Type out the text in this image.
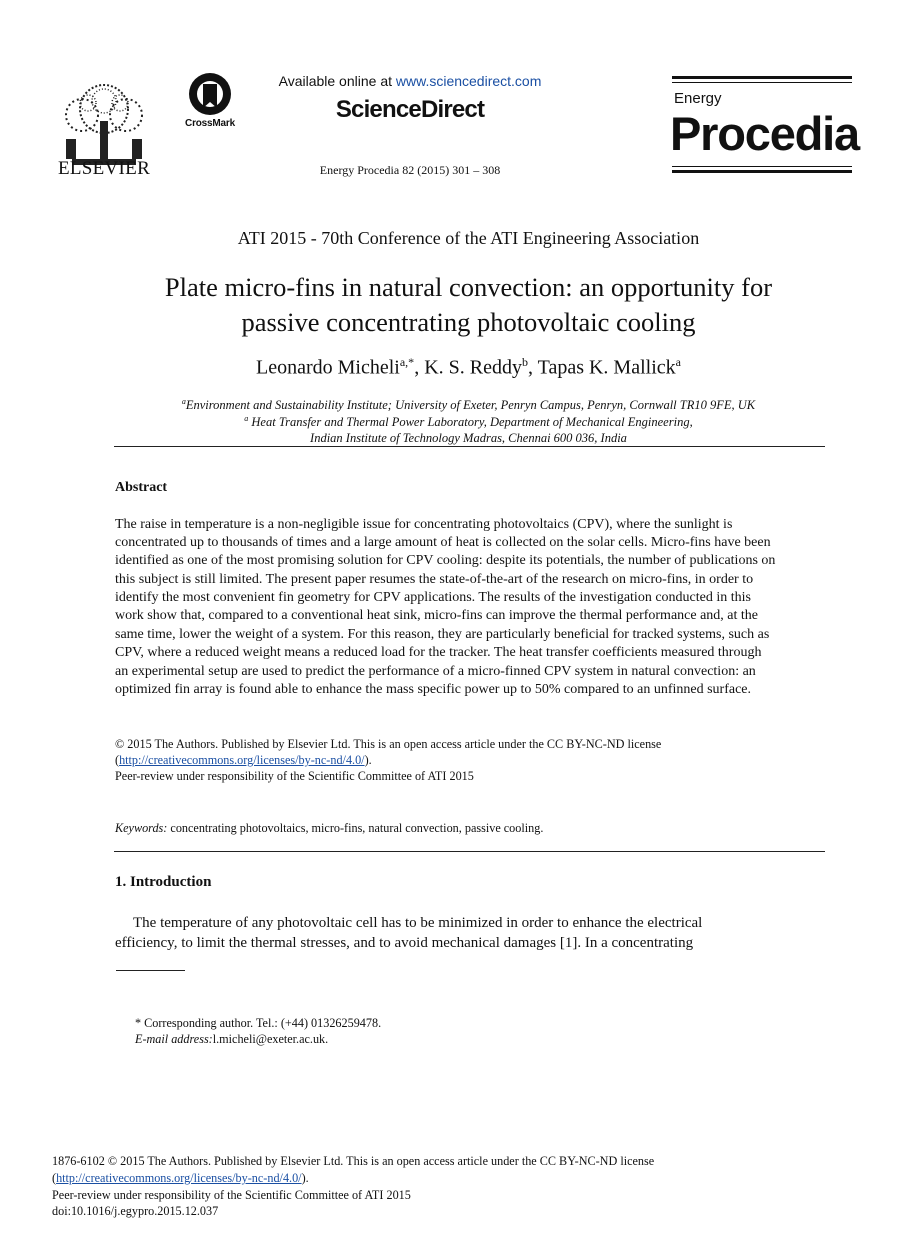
ELSEVIER
CrossMark
Available online at www.sciencedirect.com
ScienceDirect
Energy Procedia 82 (2015) 301 – 308
Energy
Procedia
ATI 2015 - 70th Conference of the ATI Engineering Association
Plate micro-fins in natural convection: an opportunity for
passive concentrating photovoltaic cooling
Leonardo Micheli$^{a,*}$, K. S. Reddy$^b$, Tapas K. Mallick$^a$
$^a$Environment and Sustainability Institute; University of Exeter, Penryn Campus, Penryn, Cornwall TR10 9FE, UK
$^a$ Heat Transfer and Thermal Power Laboratory, Department of Mechanical Engineering,
Indian Institute of Technology Madras, Chennai 600 036, India
Abstract
The raise in temperature is a non-negligible issue for concentrating photovoltaics (CPV), where the sunlight is
concentrated up to thousands of times and a large amount of heat is collected on the solar cells. Micro-fins have been
identified as one of the most promising solution for CPV cooling: despite its potentials, the number of publications on
this subject is still limited. The present paper resumes the state-of-the-art of the research on micro-fins, in order to
identify the most convenient fin geometry for CPV applications. The results of the investigation conducted in this
work show that, compared to a conventional heat sink, micro-fins can improve the thermal performance and, at the
same time, lower the weight of a system. For this reason, they are particularly beneficial for tracked systems, such as
CPV, where a reduced weight means a reduced load for the tracker. The heat transfer coefficients measured through
an experimental setup are used to predict the performance of a micro-finned CPV system in natural convection: an
optimized fin array is found able to enhance the mass specific power up to 50% compared to an unfinned surface.
© 2015 The Authors. Published by Elsevier Ltd. This is an open access article under the CC BY-NC-ND license
(http://creativecommons.org/licenses/by-nc-nd/4.0/).
Peer-review under responsibility of the Scientific Committee of ATI 2015
Keywords: concentrating photovoltaics, micro-fins, natural convection, passive cooling.
1. Introduction
The temperature of any photovoltaic cell has to be minimized in order to enhance the electrical
efficiency, to limit the thermal stresses, and to avoid mechanical damages [1]. In a concentrating
* Corresponding author. Tel.: (+44) 01326259478.
E-mail address:l.micheli@exeter.ac.uk.
1876-6102 © 2015 The Authors. Published by Elsevier Ltd. This is an open access article under the CC BY-NC-ND license
(http://creativecommons.org/licenses/by-nc-nd/4.0/).
Peer-review under responsibility of the Scientific Committee of ATI 2015
doi:10.1016/j.egypro.2015.12.037
